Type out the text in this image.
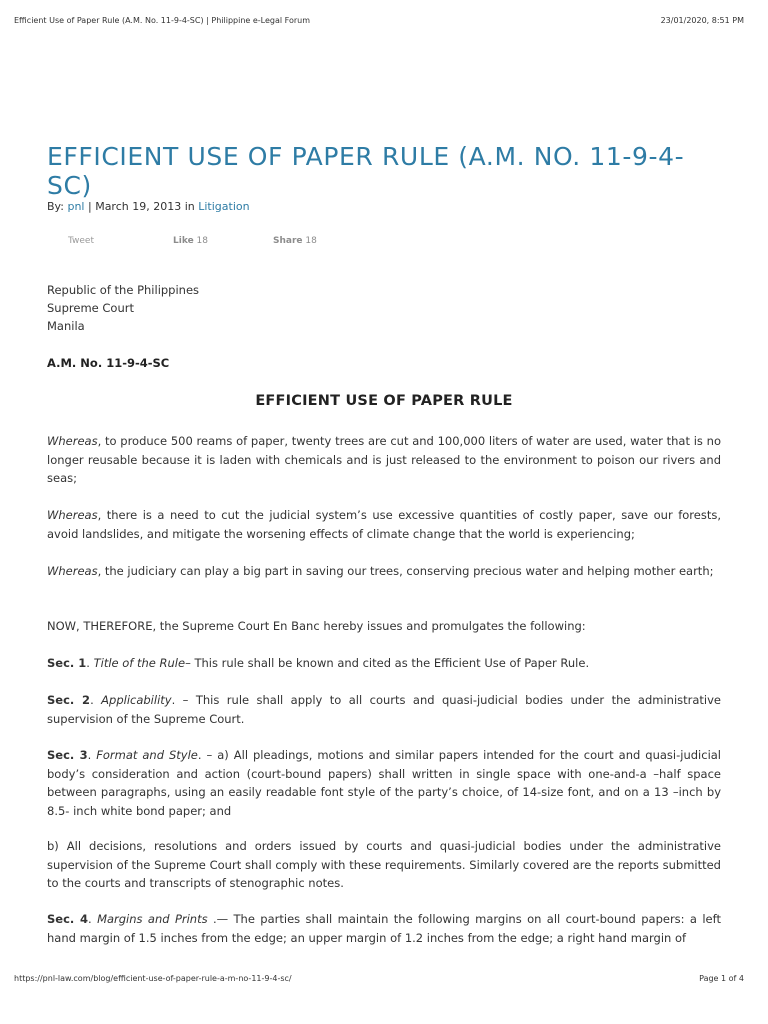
Efficient Use of Paper Rule (A.M. No. 11-9-4-SC) | Philippine e-Legal Forum	23/01/2020, 8:51 PM
EFFICIENT USE OF PAPER RULE (A.M. NO. 11-9-4-SC)
By: pnl | March 19, 2013 in Litigation
Tweet	Like 18	Share 18
Republic of the Philippines
Supreme Court
Manila
A.M. No. 11-9-4-SC
EFFICIENT USE OF PAPER RULE

Whereas, to produce 500 reams of paper, twenty trees are cut and 100,000 liters of water are used, water that is no longer reusable because it is laden with chemicals and is just released to the environment to poison our rivers and seas;

Whereas, there is a need to cut the judicial system’s use excessive quantities of costly paper, save our forests, avoid landslides, and mitigate the worsening effects of climate change that the world is experiencing;

Whereas, the judiciary can play a big part in saving our trees, conserving precious water and helping mother earth;

NOW, THEREFORE, the Supreme Court En Banc hereby issues and promulgates the following:

Sec. 1. Title of the Rule– This rule shall be known and cited as the Efficient Use of Paper Rule.

Sec. 2. Applicability. – This rule shall apply to all courts and quasi-judicial bodies under the administrative supervision of the Supreme Court.

Sec. 3. Format and Style. – a) All pleadings, motions and similar papers intended for the court and quasi-judicial body’s consideration and action (court-bound papers) shall written in single space with one-and-a –half space between paragraphs, using an easily readable font style of the party’s choice, of 14-size font, and on a 13 –inch by 8.5- inch white bond paper; and

b) All decisions, resolutions and orders issued by courts and quasi-judicial bodies under the administrative supervision of the Supreme Court shall comply with these requirements. Similarly covered are the reports submitted to the courts and transcripts of stenographic notes.

Sec. 4. Margins and Prints .— The parties shall maintain the following margins on all court-bound papers: a left hand margin of 1.5 inches from the edge; an upper margin of 1.2 inches from the edge; a right hand margin of

https://pnl-law.com/blog/efficient-use-of-paper-rule-a-m-no-11-9-4-sc/	Page 1 of 4
